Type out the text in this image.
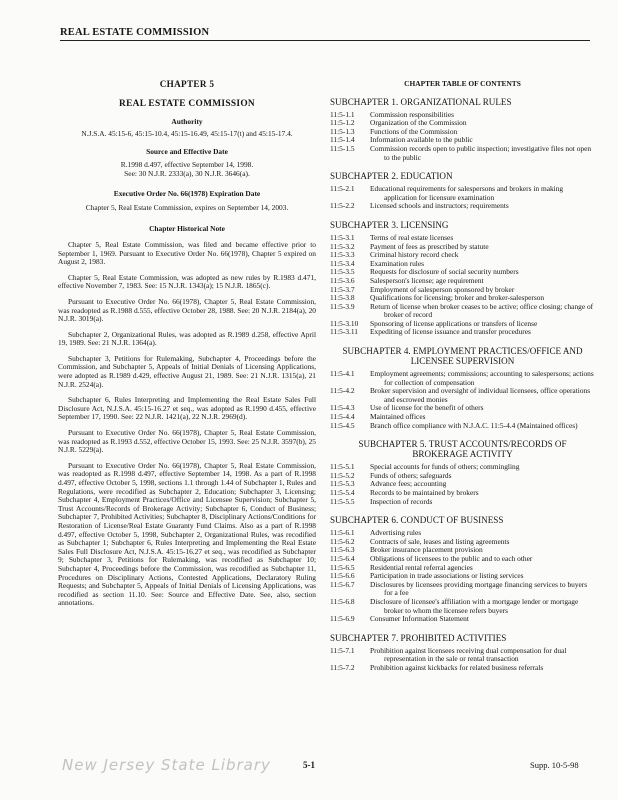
REAL ESTATE COMMISSION
CHAPTER 5
REAL ESTATE COMMISSION
Authority
N.J.S.A. 45:15-6, 45:15-10.4, 45:15-16.49, 45:15-17(t) and 45:15-17.4.
Source and Effective Date
R.1998 d.497, effective September 14, 1998.
See: 30 N.J.R. 2333(a), 30 N.J.R. 3646(a).
Executive Order No. 66(1978) Expiration Date
Chapter 5, Real Estate Commission, expires on September 14, 2003.
Chapter Historical Note

Chapter 5, Real Estate Commission, was filed and became effective prior to September 1, 1969. Pursuant to Executive Order No. 66(1978), Chapter 5 expired on August 2, 1983.

Chapter 5, Real Estate Commission, was adopted as new rules by R.1983 d.471, effective November 7, 1983. See: 15 N.J.R. 1343(a); 15 N.J.R. 1865(c).

Pursuant to Executive Order No. 66(1978), Chapter 5, Real Estate Commission, was readopted as R.1988 d.555, effective October 28, 1988. See: 20 N.J.R. 2184(a), 20 N.J.R. 3019(a).

Subchapter 2, Organizational Rules, was adopted as R.1989 d.258, effective April 19, 1989. See: 21 N.J.R. 1364(a).

Subchapter 3, Petitions for Rulemaking, Subchapter 4, Proceedings before the Commission, and Subchapter 5, Appeals of Initial Denials of Licensing Applications, were adopted as R.1989 d.429, effective August 21, 1989. See: 21 N.J.R. 1315(a), 21 N.J.R. 2524(a).

Subchapter 6, Rules Interpreting and Implementing the Real Estate Sales Full Disclosure Act, N.J.S.A. 45:15-16.27 et seq., was adopted as R.1990 d.455, effective September 17, 1990. See: 22 N.J.R. 1421(a), 22 N.J.R. 2969(d).

Pursuant to Executive Order No. 66(1978), Chapter 5, Real Estate Commission, was readopted as R.1993 d.552, effective October 15, 1993. See: 25 N.J.R. 3597(b), 25 N.J.R. 5229(a).

Pursuant to Executive Order No. 66(1978), Chapter 5, Real Estate Commission, was readopted as R.1998 d.497, effective September 14, 1998. As a part of R.1998 d.497, effective October 5, 1998, sections 1.1 through 1.44 of Subchapter 1, Rules and Regulations, were recodified as Subchapter 2, Education; Subchapter 3, Licensing; Subchapter 4, Employment Practices/Office and Licensee Supervision; Subchapter 5, Trust Accounts/Records of Brokerage Activity; Subchapter 6, Conduct of Business; Subchapter 7, Prohibited Activities; Subchapter 8, Disciplinary Actions/Conditions for Restoration of License/Real Estate Guaranty Fund Claims. Also as a part of R.1998 d.497, effective October 5, 1998, Subchapter 2, Organizational Rules, was recodified as Subchapter 1; Subchapter 6, Rules Interpreting and Implementing the Real Estate Sales Full Disclosure Act, N.J.S.A. 45:15-16.27 et seq., was recodified as Subchapter 9; Subchapter 3, Petitions for Rulemaking, was recodified as Subchapter 10; Subchapter 4, Proceedings before the Commission, was recodified as Subchapter 11, Procedures on Disciplinary Actions, Contested Applications, Declaratory Ruling Requests; and Subchapter 5, Appeals of Initial Denials of Licensing Applications, was recodified as section 11.10. See: Source and Effective Date. See, also, section annotations.

CHAPTER TABLE OF CONTENTS
SUBCHAPTER 1. ORGANIZATIONAL RULES
11:5-1.1	Commission responsibilities
11:5-1.2	Organization of the Commission
11:5-1.3	Functions of the Commission
11:5-1.4	Information available to the public
11:5-1.5	Commission records open to public inspection; investigative files not open to the public
SUBCHAPTER 2. EDUCATION
11:5-2.1	Educational requirements for salespersons and brokers in making application for licensure examination
11:5-2.2	Licensed schools and instructors; requirements
SUBCHAPTER 3. LICENSING
11:5-3.1	Terms of real estate licenses
11:5-3.2	Payment of fees as prescribed by statute
11:5-3.3	Criminal history record check
11:5-3.4	Examination rules
11:5-3.5	Requests for disclosure of social security numbers
11:5-3.6	Salesperson's license; age requirement
11:5-3.7	Employment of salesperson sponsored by broker
11:5-3.8	Qualifications for licensing; broker and broker-salesperson
11:5-3.9	Return of license when broker ceases to be active; office closing; change of broker of record
11:5-3.10	Sponsoring of license applications or transfers of license
11:5-3.11	Expediting of license issuance and transfer procedures
SUBCHAPTER 4. EMPLOYMENT PRACTICES/OFFICE AND LICENSEE SUPERVISION
11:5-4.1	Employment agreements; commissions; accounting to salespersons; actions for collection of compensation
11:5-4.2	Broker supervision and oversight of individual licensees, office operations and escrowed monies
11:5-4.3	Use of license for the benefit of others
11:5-4.4	Maintained offices
11:5-4.5	Branch office compliance with N.J.A.C. 11:5-4.4 (Maintained offices)
SUBCHAPTER 5. TRUST ACCOUNTS/RECORDS OF BROKERAGE ACTIVITY
11:5-5.1	Special accounts for funds of others; commingling
11:5-5.2	Funds of others; safeguards
11:5-5.3	Advance fees; accounting
11:5-5.4	Records to be maintained by brokers
11:5-5.5	Inspection of records
SUBCHAPTER 6. CONDUCT OF BUSINESS
11:5-6.1	Advertising rules
11:5-6.2	Contracts of sale, leases and listing agreements
11:5-6.3	Broker insurance placement provision
11:5-6.4	Obligations of licensees to the public and to each other
11:5-6.5	Residential rental referral agencies
11:5-6.6	Participation in trade associations or listing services
11:5-6.7	Disclosures by licensees providing mortgage financing services to buyers for a fee
11:5-6.8	Disclosure of licensee's affiliation with a mortgage lender or mortgage broker to whom the licensee refers buyers
11:5-6.9	Consumer Information Statement
SUBCHAPTER 7. PROHIBITED ACTIVITIES
11:5-7.1	Prohibition against licensees receiving dual compensation for dual representation in the sale or rental transaction
11:5-7.2	Prohibition against kickbacks for related business referrals
New Jersey State Library	5-1	Supp. 10-5-98
